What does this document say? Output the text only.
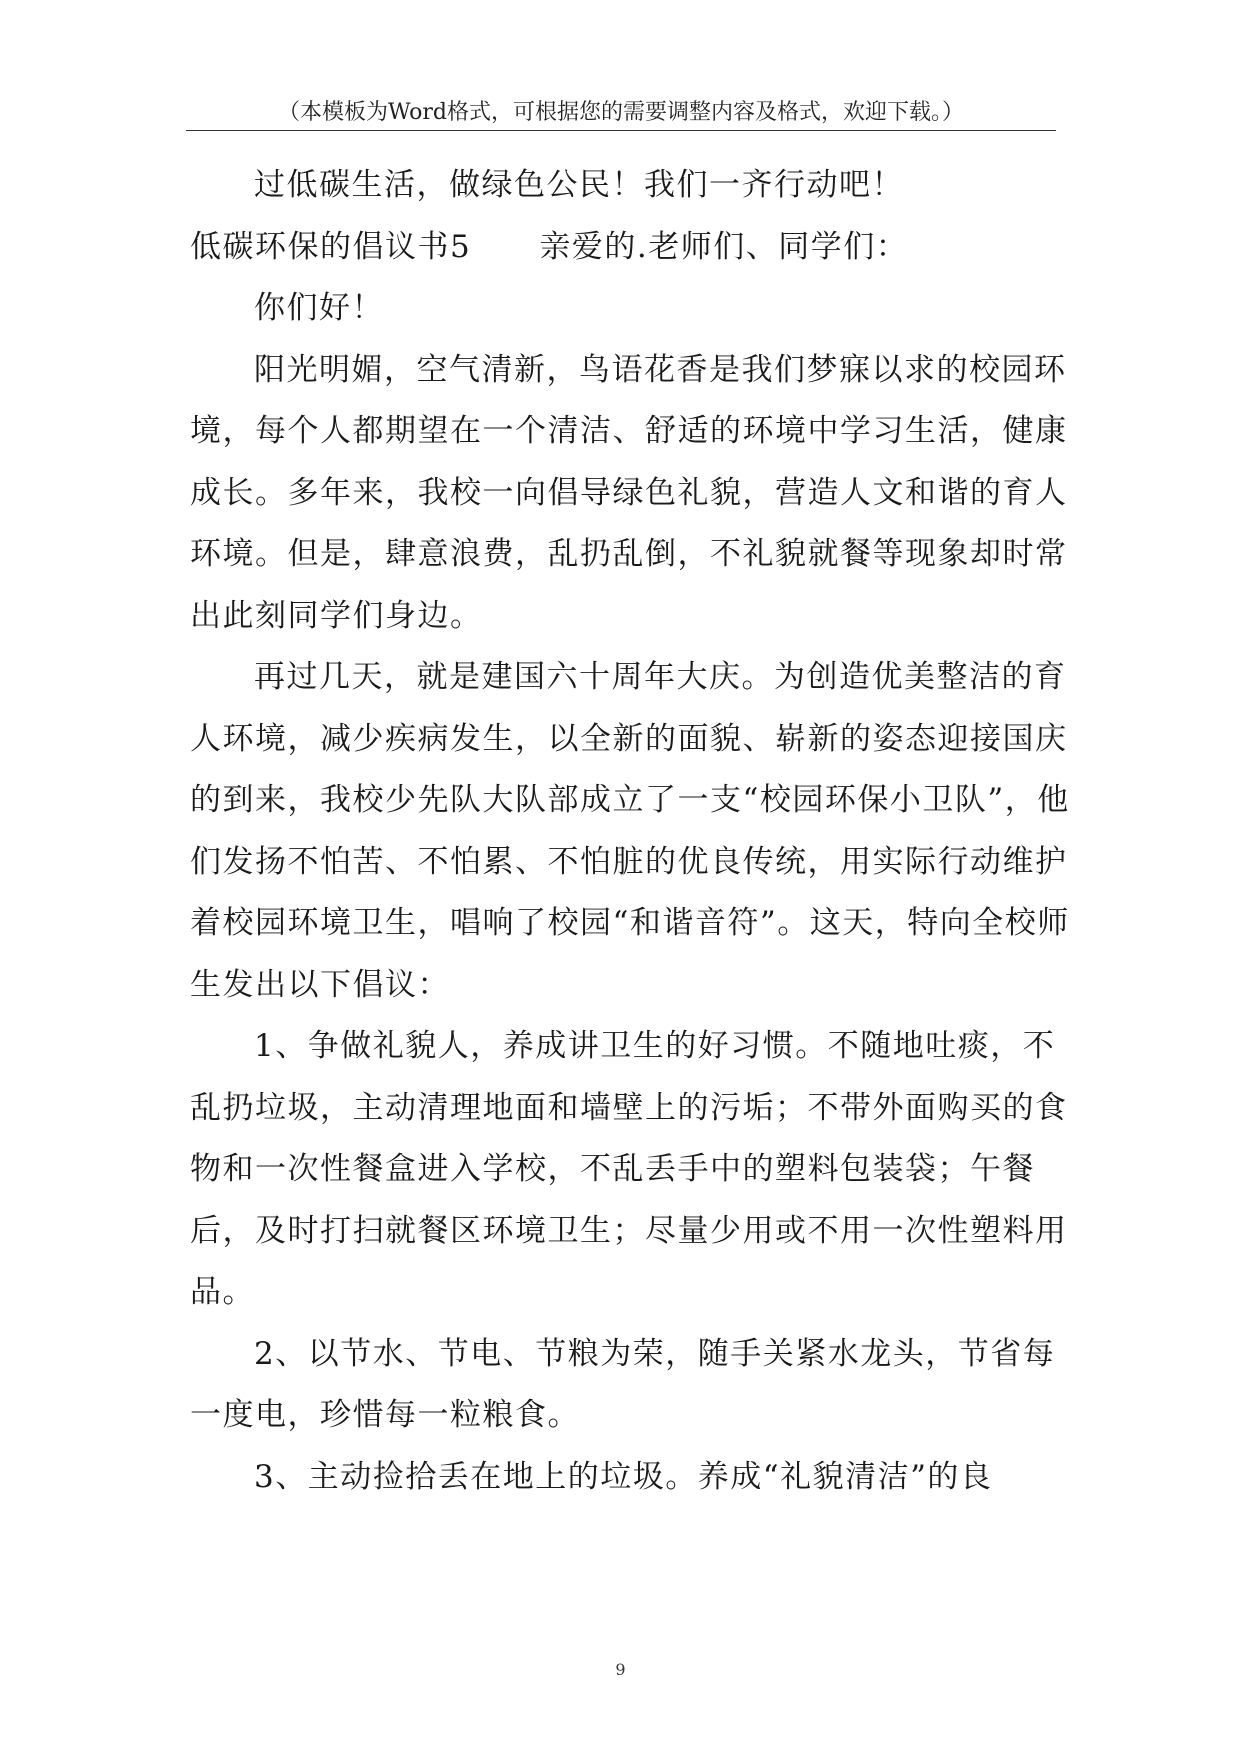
（本模板为Word格式，可根据您的需要调整内容及格式，欢迎下载。）

过低碳生活，做绿色公民！我们一齐行动吧！

低碳环保的倡议书5      亲爱的.老师们、同学们：

你们好！

阳光明媚，空气清新，鸟语花香是我们梦寐以求的校园环境，每个人都期望在一个清洁、舒适的环境中学习生活，健康成长。多年来，我校一向倡导绿色礼貌，营造人文和谐的育人环境。但是，肆意浪费，乱扔乱倒，不礼貌就餐等现象却时常出此刻同学们身边。

再过几天，就是建国六十周年大庆。为创造优美整洁的育人环境，减少疾病发生，以全新的面貌、崭新的姿态迎接国庆的到来，我校少先队大队部成立了一支“校园环保小卫队”，他们发扬不怕苦、不怕累、不怕脏的优良传统，用实际行动维护着校园环境卫生，唱响了校园“和谐音符”。这天，特向全校师生发出以下倡议：

1、争做礼貌人，养成讲卫生的好习惯。不随地吐痰，不乱扔垃圾，主动清理地面和墙壁上的污垢；不带外面购买的食物和一次性餐盒进入学校，不乱丢手中的塑料包装袋；午餐后，及时打扫就餐区环境卫生；尽量少用或不用一次性塑料用品。

2、以节水、节电、节粮为荣，随手关紧水龙头，节省每一度电，珍惜每一粒粮食。

3、主动捡拾丢在地上的垃圾。养成“礼貌清洁”的良

9
